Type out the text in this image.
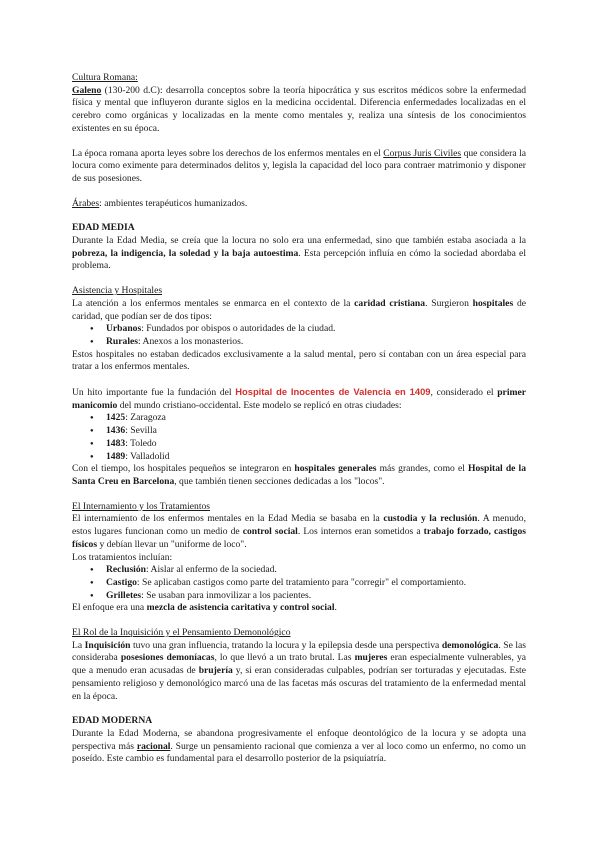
Cultura Romana:

Galeno (130-200 d.C): desarrolla conceptos sobre la teoría hipocrática y sus escritos médicos sobre la enfermedad física y mental que influyeron durante siglos en la medicina occidental. Diferencia enfermedades localizadas en el cerebro como orgánicas y localizadas en la mente como mentales y, realiza una síntesis de los conocimientos existentes en su época.

La época romana aporta leyes sobre los derechos de los enfermos mentales en el Corpus Juris Civiles que considera la locura como eximente para determinados delitos y, legisla la capacidad del loco para contraer matrimonio y disponer de sus posesiones.

Árabes: ambientes terapéuticos humanizados.

EDAD MEDIA

Durante la Edad Media, se creía que la locura no solo era una enfermedad, sino que también estaba asociada a la pobreza, la indigencia, la soledad y la baja autoestima. Esta percepción influía en cómo la sociedad abordaba el problema.

Asistencia y Hospitales

La atención a los enfermos mentales se enmarca en el contexto de la caridad cristiana. Surgieron hospitales de caridad, que podían ser de dos tipos:

● Urbanos: Fundados por obispos o autoridades de la ciudad.
● Rurales: Anexos a los monasterios.

Estos hospitales no estaban dedicados exclusivamente a la salud mental, pero sí contaban con un área especial para tratar a los enfermos mentales.

Un hito importante fue la fundación del Hospital de Inocentes de Valencia en 1409, considerado el primer manicomio del mundo cristiano-occidental. Este modelo se replicó en otras ciudades:

● 1425: Zaragoza
● 1436: Sevilla
● 1483: Toledo
● 1489: Valladolid

Con el tiempo, los hospitales pequeños se integraron en hospitales generales más grandes, como el Hospital de la Santa Creu en Barcelona, que también tienen secciones dedicadas a los "locos".

El Internamiento y los Tratamientos

El internamiento de los enfermos mentales en la Edad Media se basaba en la custodia y la reclusión. A menudo, estos lugares funcionan como un medio de control social. Los internos eran sometidos a trabajo forzado, castigos físicos y debían llevar un "uniforme de loco".

Los tratamientos incluían:

● Reclusión: Aislar al enfermo de la sociedad.
● Castigo: Se aplicaban castigos como parte del tratamiento para "corregir" el comportamiento.
● Grilletes: Se usaban para inmovilizar a los pacientes.

El enfoque era una mezcla de asistencia caritativa y control social.

El Rol de la Inquisición y el Pensamiento Demonológico

La Inquisición tuvo una gran influencia, tratando la locura y la epilepsia desde una perspectiva demonológica. Se las consideraba posesiones demoníacas, lo que llevó a un trato brutal. Las mujeres eran especialmente vulnerables, ya que a menudo eran acusadas de brujería y, si eran consideradas culpables, podrían ser torturadas y ejecutadas. Este pensamiento religioso y demonológico marcó una de las facetas más oscuras del tratamiento de la enfermedad mental en la época.

EDAD MODERNA

Durante la Edad Moderna, se abandona progresivamente el enfoque deontológico de la locura y se adopta una perspectiva más racional. Surge un pensamiento racional que comienza a ver al loco como un enfermo, no como un poseído. Este cambio es fundamental para el desarrollo posterior de la psiquiatría.
